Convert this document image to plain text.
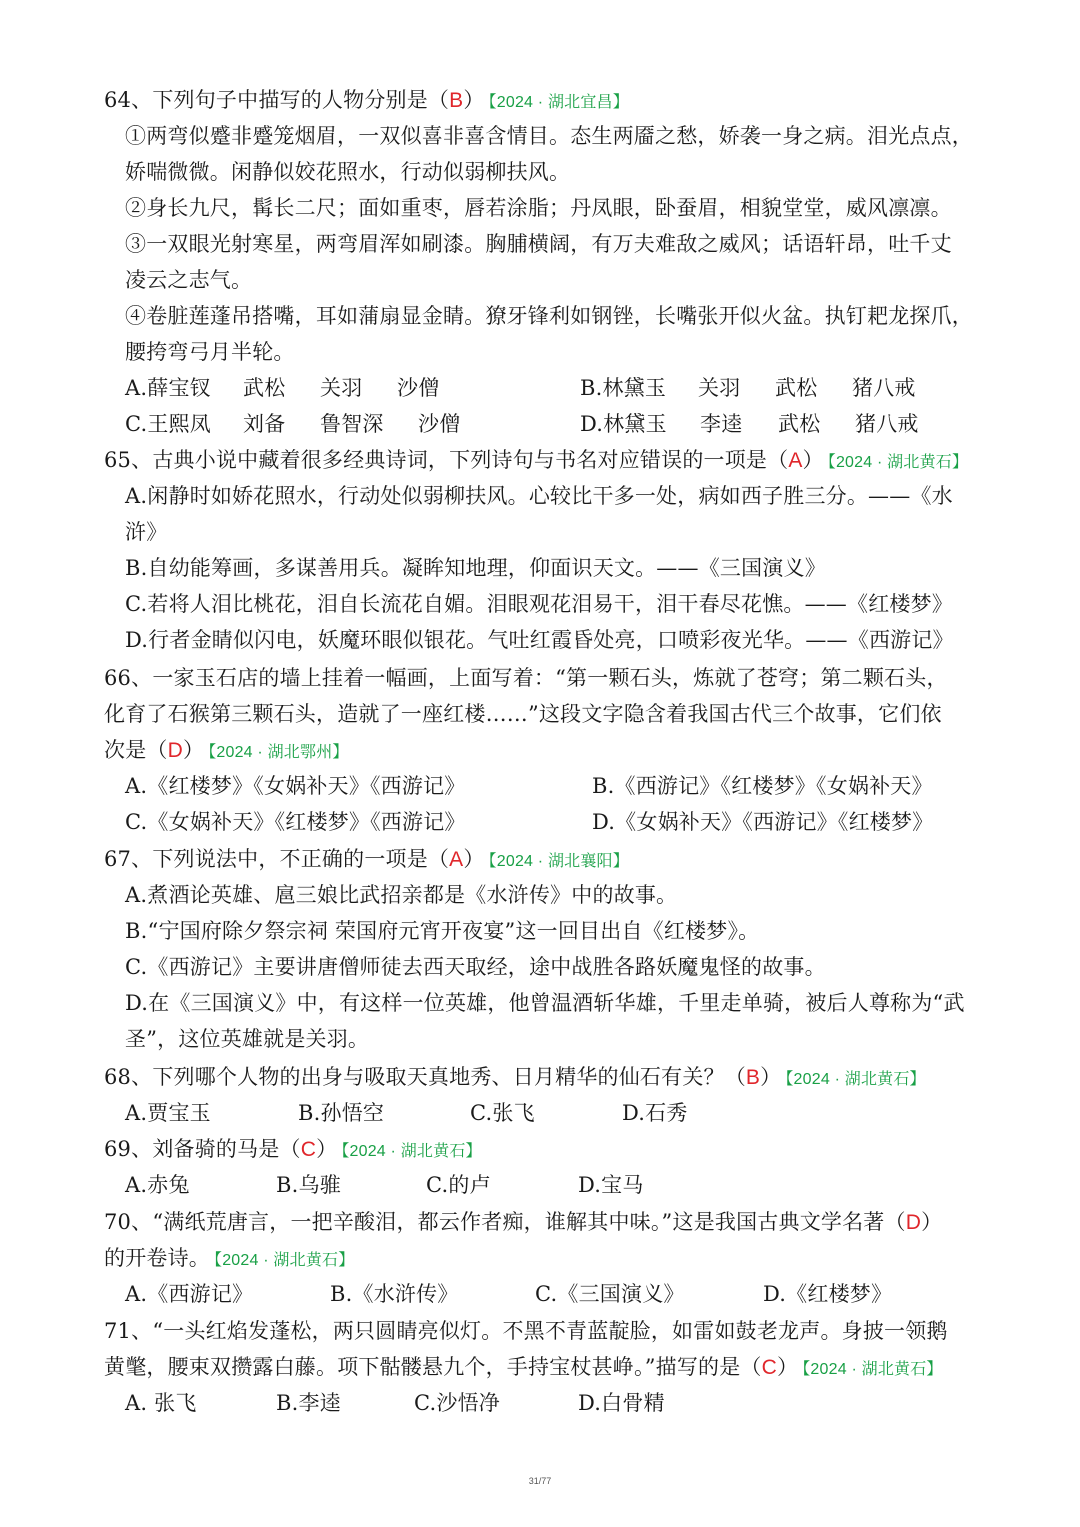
64、下列句子中描写的人物分别是（B） 【2024 · 湖北宜昌】
①两弯似蹙非蹙笼烟眉，一双似喜非喜含情目。态生两靥之愁，娇袭一身之病。泪光点点，
娇喘微微。闲静似姣花照水，行动似弱柳扶风。
②身长九尺，髯长二尺；面如重枣，唇若涂脂；丹凤眼，卧蚕眉，相貌堂堂，威风凛凛。
③一双眼光射寒星，两弯眉浑如刷漆。胸脯横阔，有万夫难敌之威风；话语轩昂，吐千丈
凌云之志气。
④卷脏莲蓬吊搭嘴，耳如蒲扇显金睛。獠牙锋利如钢锉，长嘴张开似火盆。执钉耙龙探爪，
腰挎弯弓月半轮。
A.薛宝钗 武松 关羽 沙僧	B.林黛玉 关羽 武松 猪八戒
C.王熙凤 刘备 鲁智深 沙僧	D.林黛玉 李逵 武松 猪八戒
65、古典小说中藏着很多经典诗词，下列诗句与书名对应错误的一项是（A） 【2024 · 湖北黄石】
A.闲静时如娇花照水，行动处似弱柳扶风。心较比干多一处，病如西子胜三分。——《水
浒》
B.自幼能筹画，多谋善用兵。凝眸知地理，仰面识天文。——《三国演义》
C.若将人泪比桃花，泪自长流花自媚。泪眼观花泪易干，泪干春尽花憔。——《红楼梦》
D.行者金睛似闪电，妖魔环眼似银花。气吐红霞昏处亮，口喷彩夜光华。——《西游记》
66、一家玉石店的墙上挂着一幅画，上面写着：“第一颗石头，炼就了苍穹；第二颗石头，
化育了石猴第三颗石头，造就了一座红楼……”这段文字隐含着我国古代三个故事，它们依
次是（D） 【2024 · 湖北鄂州】
A.《红楼梦》《女娲补天》《西游记》	B.《西游记》《红楼梦》《女娲补天》
C.《女娲补天》《红楼梦》《西游记》	D.《女娲补天》《西游记》《红楼梦》
67、下列说法中，不正确的一项是（A） 【2024 · 湖北襄阳】
A.煮酒论英雄、扈三娘比武招亲都是《水浒传》中的故事。
B.“宁国府除夕祭宗祠 荣国府元宵开夜宴”这一回目出自《红楼梦》。
C.《西游记》主要讲唐僧师徒去西天取经，途中战胜各路妖魔鬼怪的故事。
D.在《三国演义》中，有这样一位英雄，他曾温酒斩华雄，千里走单骑，被后人尊称为“武
圣”，这位英雄就是关羽。
68、下列哪个人物的出身与吸取天真地秀、日月精华的仙石有关？（B） 【2024 · 湖北黄石】
A.贾宝玉	B.孙悟空	C.张飞	D.石秀
69、刘备骑的马是（C） 【2024 · 湖北黄石】
A.赤兔	B.乌骓	C.的卢	D.宝马
70、“满纸荒唐言，一把辛酸泪，都云作者痴，谁解其中味。”这是我国古典文学名著（D）
的开卷诗。 【2024 · 湖北黄石】
A.《西游记》	B.《水浒传》	C.《三国演义》	D.《红楼梦》
71、“一头红焰发蓬松，两只圆睛亮似灯。不黑不青蓝靛脸，如雷如鼓老龙声。身披一领鹅
黄氅，腰束双攒露白藤。项下骷髅悬九个，手持宝杖甚峥。”描写的是（C） 【2024 · 湖北黄石】
A. 张飞	B.李逵	C.沙悟净	D.白骨精
31/77
